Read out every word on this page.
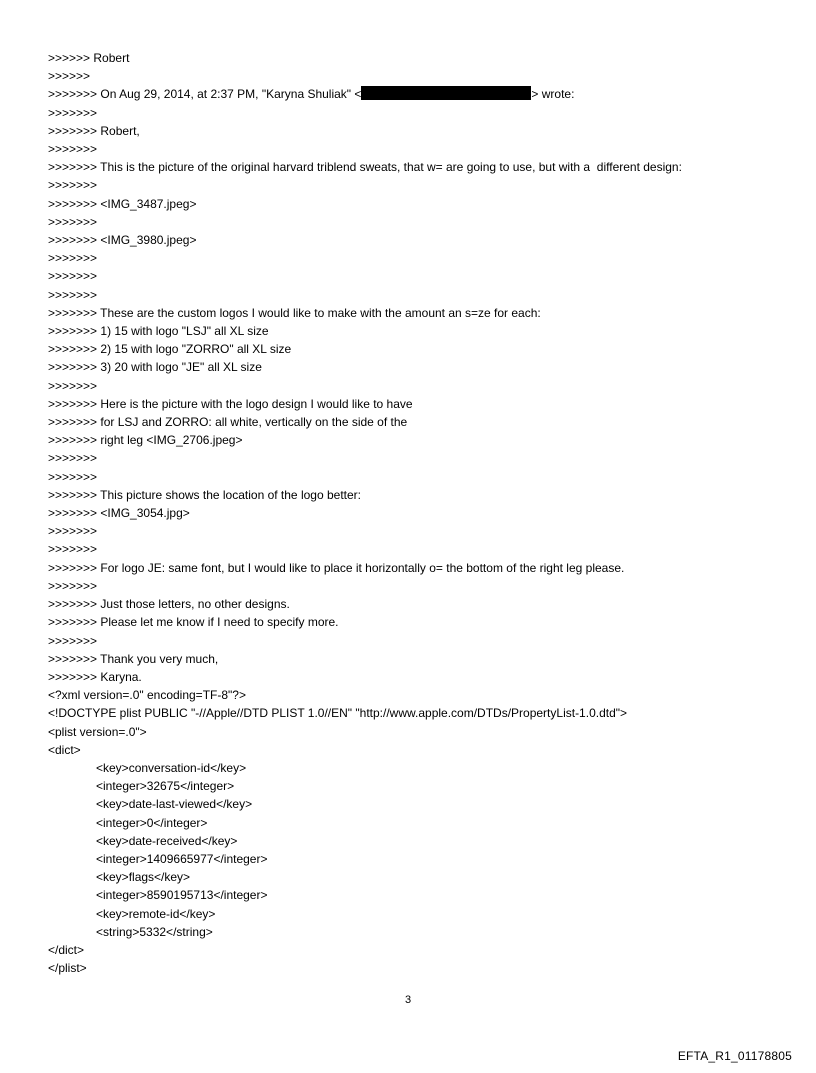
>>>>>> Robert
>>>>>>
>>>>>>> On Aug 29, 2014, at 2:37 PM, "Karyna Shuliak" <	> wrote:
>>>>>>>
>>>>>>> Robert,
>>>>>>>
>>>>>>> This is the picture of the original harvard triblend sweats, that w= are going to use, but with a  different design:
>>>>>>>
>>>>>>> <IMG_3487.jpeg>
>>>>>>>
>>>>>>> <IMG_3980.jpeg>
>>>>>>>
>>>>>>>
>>>>>>>
>>>>>>> These are the custom logos I would like to make with the amount an s=ze for each:
>>>>>>> 1) 15 with logo "LSJ" all XL size
>>>>>>> 2) 15 with logo "ZORRO" all XL size
>>>>>>> 3) 20 with logo "JE" all XL size
>>>>>>>
>>>>>>> Here is the picture with the logo design I would like to have
>>>>>>> for LSJ and ZORRO: all white, vertically on the side of the
>>>>>>> right leg <IMG_2706.jpeg>
>>>>>>>
>>>>>>>
>>>>>>> This picture shows the location of the logo better:
>>>>>>> <IMG_3054.jpg>
>>>>>>>
>>>>>>>
>>>>>>> For logo JE: same font, but I would like to place it horizontally o= the bottom of the right leg please.
>>>>>>>
>>>>>>> Just those letters, no other designs.
>>>>>>> Please let me know if I need to specify more.
>>>>>>>
>>>>>>> Thank you very much,
>>>>>>> Karyna.
<?xml version=.0" encoding=TF-8"?>
<!DOCTYPE plist PUBLIC "-//Apple//DTD PLIST 1.0//EN" "http://www.apple.com/DTDs/PropertyList-1.0.dtd">
<plist version=.0">
<dict>
<key>conversation-id</key>
<integer>32675</integer>
<key>date-last-viewed</key>
<integer>0</integer>
<key>date-received</key>
<integer>1409665977</integer>
<key>flags</key>
<integer>8590195713</integer>
<key>remote-id</key>
<string>5332</string>
</dict>
</plist>
3
EFTA_R1_01178805
